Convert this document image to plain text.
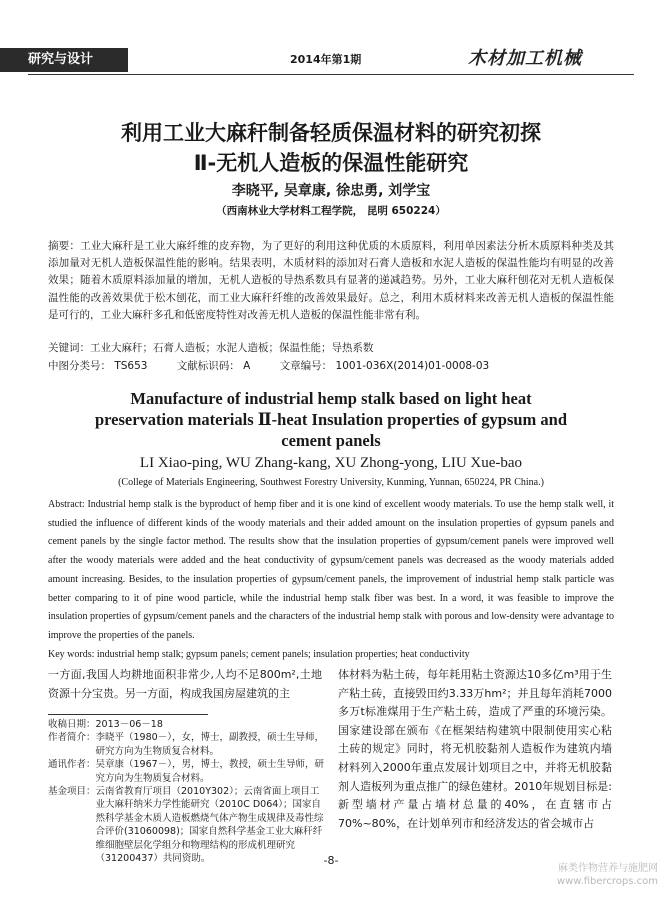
研究与设计	2014年第1期	木材加工机械
利用工业大麻秆制备轻质保温材料的研究初探
Ⅱ-无机人造板的保温性能研究
李晓平, 吴章康, 徐忠勇, 刘学宝
（西南林业大学材料工程学院， 昆明 650224）
摘要：工业大麻秆是工业大麻纤维的皮弃物，为了更好的利用这种优质的木质原料，利用单因素法分析木质原料种类及其添加量对无机人造板保温性能的影响。结果表明，木质材料的添加对石膏人造板和水泥人造板的保温性能均有明显的改善效果；随着木质原料添加量的增加，无机人造板的导热系数具有显著的递减趋势。另外，工业大麻秆刨花对无机人造板保温性能的改善效果优于松木刨花，而工业大麻秆纤维的改善效果最好。总之，利用木质材料来改善无机人造板的保温性能是可行的，工业大麻秆多孔和低密度特性对改善无机人造板的保温性能非常有利。
关键词：工业大麻秆；石膏人造板；水泥人造板；保温性能；导热系数
中图分类号： TS653	文献标识码： A	文章编号： 1001-036X(2014)01-0008-03
Manufacture of industrial hemp stalk based on light heat
preservation materials Ⅱ-heat Insulation properties of gypsum and
cement panels
LI Xiao-ping, WU Zhang-kang, XU Zhong-yong, LIU Xue-bao
(College of Materials Engineering, Southwest Forestry University, Kunming, Yunnan, 650224, PR China.)
Abstract: Industrial hemp stalk is the byproduct of hemp fiber and it is one kind of excellent woody materials. To use the hemp stalk well, it studied the influence of different kinds of the woody materials and their added amount on the insulation properties of gypsum panels and cement panels by the single factor method. The results show that the insulation properties of gypsum/cement panels were improved well after the woody materials were added and the heat conductivity of gypsum/cement panels was decreased as the woody materials added amount increasing. Besides, to the insulation properties of gypsum/cement panels, the improvement of industrial hemp stalk particle was better comparing to it of pine wood particle, while the industrial hemp stalk fiber was best. In a word, it was feasible to improve the insulation properties of gypsum/cement panels and the characters of the industrial hemp stalk with porous and low-density were advantage to improve the properties of the panels.
Key words: industrial hemp stalk; gypsum panels; cement panels; insulation properties; heat conductivity
一方面,我国人均耕地面积非常少,人均不足800m²,土地资源十分宝贵。另一方面，构成我国房屋建筑的主
体材料为粘土砖，每年耗用粘土资源达10多亿m³用于生产粘土砖，直接毁田约3.33万hm²；并且每年消耗7000多万t标准煤用于生产粘土砖，造成了严重的环境污染。国家建设部在颁布《在框架结构建筑中限制使用实心粘土砖的规定》同时，将无机胶黏剂人造板作为建筑内墙材料列入2000年重点发展计划项目之中，并将无机胶黏剂人造板列为重点推广的绿色建材。2010年规划目标是:新型墙材产量占墙材总量的40%，在直辖市占70%~80%，在计划单列市和经济发达的省会城市占
收稿日期： 2013－06－18
作者简介： 李晓平（1980－），女，博士，副教授，硕士生导师，研究方向为生物质复合材料。
通讯作者： 吴章康（1967－），男，博士，教授，硕士生导师，研究方向为生物质复合材料。
基金项目： 云南省教育厅项目（2010Y302）；云南省面上项目工业大麻秆纳米力学性能研究（2010C D064）；国家自然科学基金木质人造板燃烧气体产物生成规律及毒性综合评价(31060098)；国家自然科学基金工业大麻秆纤维细胞壁层化学组分和物理结构的形成机理研究（31200437）共同资助。	-8-
麻类作物营养与施肥网
www.fibercrops.com
